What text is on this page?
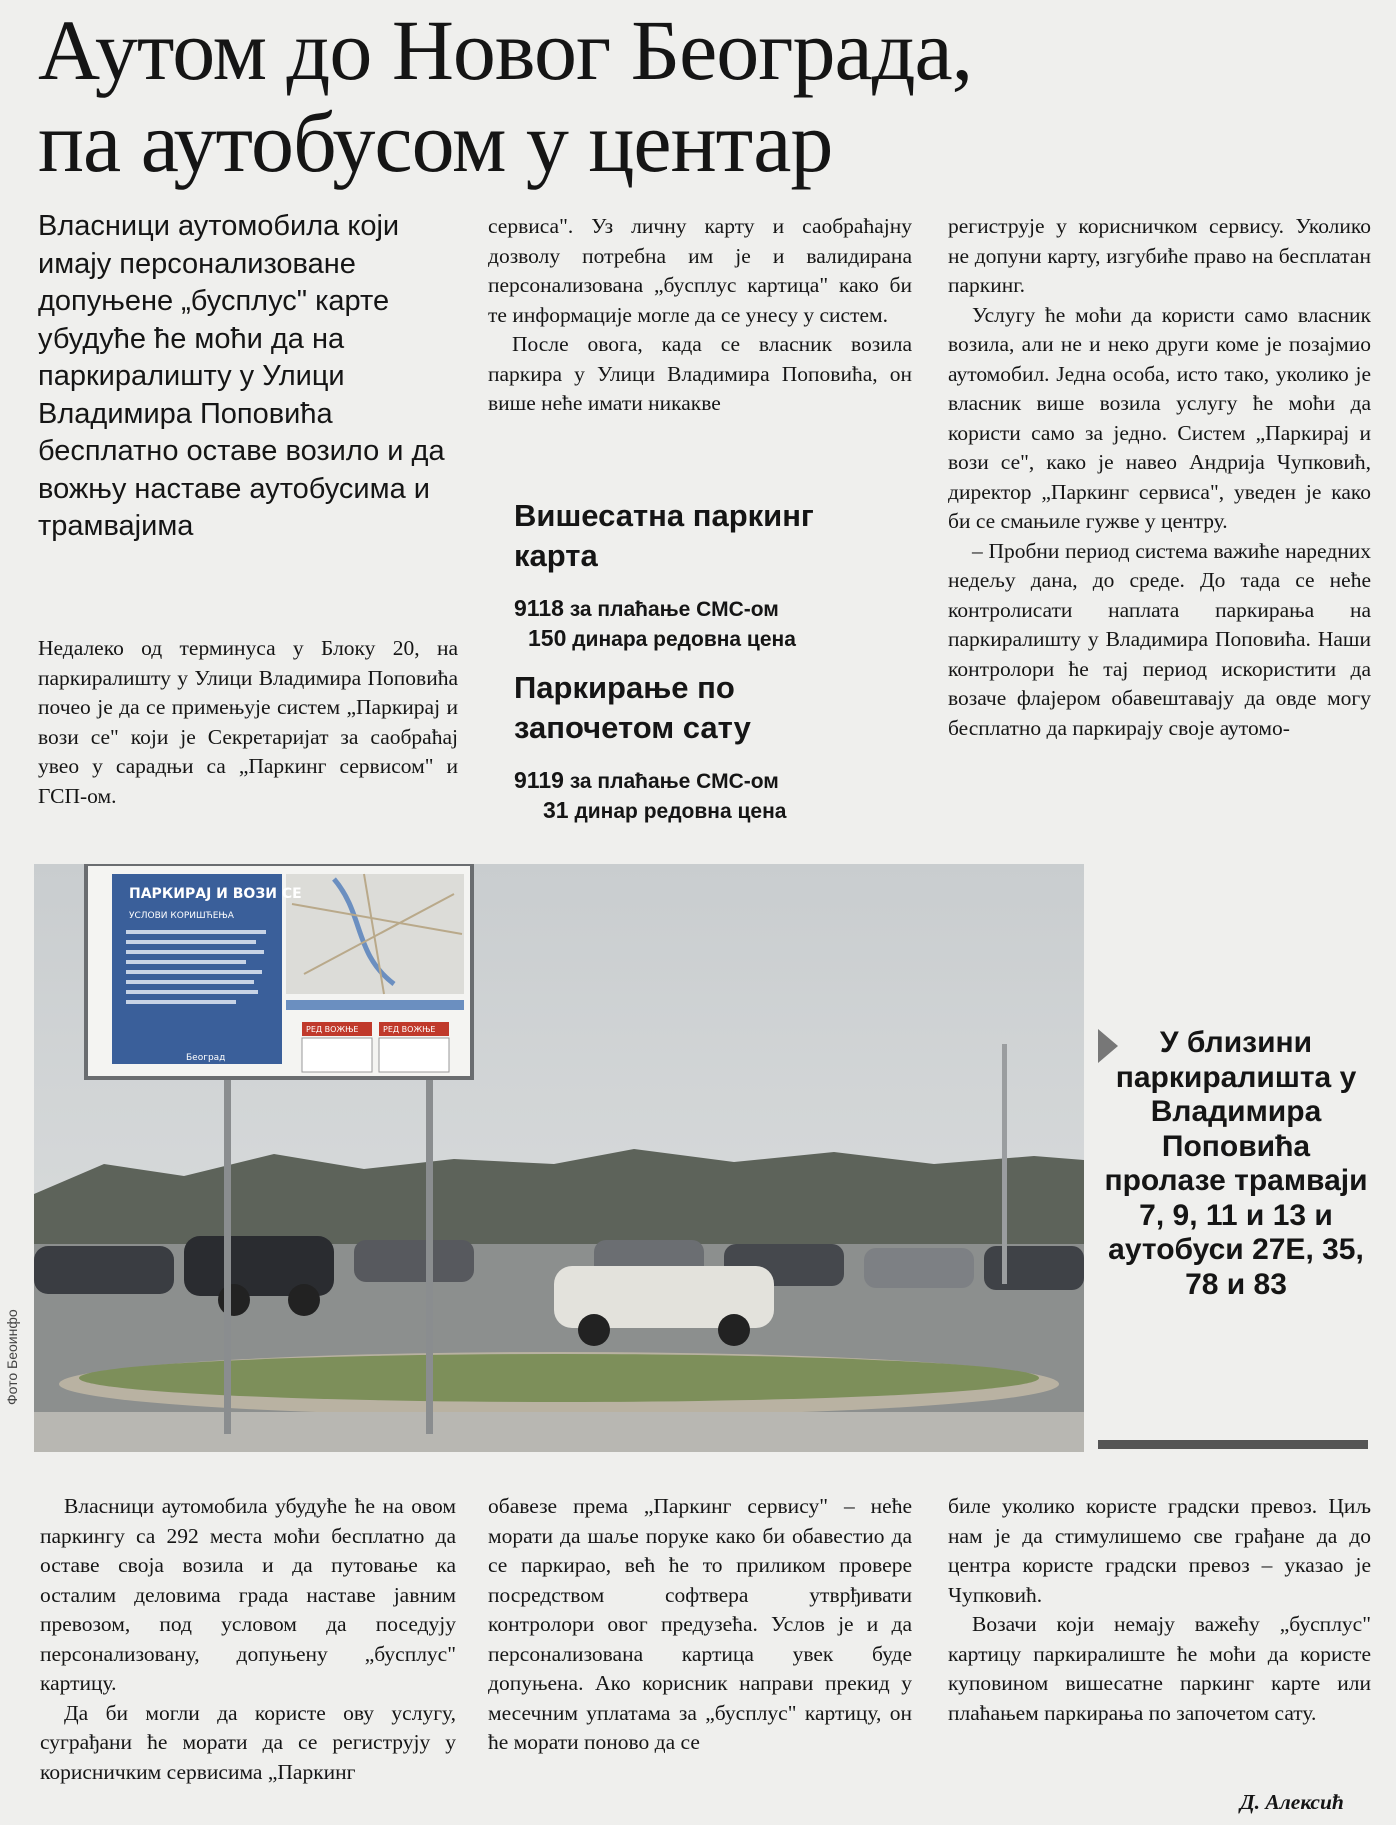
Аутом до Новог Београда,
па аутобусом у центар

Власници аутомобила који имају персонализоване допуњене „бусплус" карте убудуће ће моћи да на паркиралишту у Улици Владимира Поповића бесплатно оставе возило и да вожњу наставе аутобусима и трамвајима

Недалеко од терминуса у Блоку 20, на паркиралишту у Улици Владимира Поповића почео је да се примењује систем „Паркирај и вози се" који је Секретаријат за саобраћај увео у сарадњи са „Паркинг сервисом" и ГСП-ом.

сервиса". Уз личну карту и саобраћајну дозволу потребна им је и валидирана персонализована „бусплус картица" како би те информације могле да се унесу у систем.

После овога, када се власник возила паркира у Улици Владимира Поповића, он више неће имати никакве

Вишесатна паркинг карта

9118 за плаћање СМС-ом

150 динара редовна цена

Паркирање по започетом сату

9119 за плаћање СМС-ом

31 динар редовна цена

региструје у корисничком сервису. Уколико не допуни карту, изгубиће право на бесплатан паркинг.

Услугу ће моћи да користи само власник возила, али не и неко други коме је позајмио аутомобил. Једна особа, исто тако, уколико је власник више возила услугу ће моћи да користи само за једно. Систем „Паркирај и вози се", како је навео Андрија Чупковић, директор „Паркинг сервиса", уведен је како би се смањиле гужве у центру.

– Пробни период система важиће наредних недељу дана, до среде. До тада се неће контролисати наплата паркирања на паркиралишту у Владимира Поповића. Наши контролори ће тај период искористити да возаче флајером обавештавају да овде могу бесплатно да паркирају своје аутомо-

ПАРКИРАЈ И ВОЗИ СЕ
УСЛОВИ КОРИШЋЕЊА
РЕД ВОЖЊЕ	РЕД ВОЖЊЕ
Београд
Фото Беоинфо
У близини паркиралишта у Владимира Поповића пролазе трамваји 7, 9, 11 и 13 и аутобуси 27Е, 35, 78 и 83

Власници аутомобила убудуће ће на овом паркингу са 292 места моћи бесплатно да оставе своја возила и да путовање ка осталим деловима града наставе јавним превозом, под условом да поседују персонализовану, допуњену „бусплус" картицу.

Да би могли да користе ову услугу, суграђани ће морати да се региструју у корисничким сервисима „Паркинг

обавезе према „Паркинг сервису" – неће морати да шаље поруке како би обавестио да се паркирао, већ ће то приликом провере посредством софтвера утврђивати контролори овог предузећа. Услов је и да персонализована картица увек буде допуњена. Ако корисник направи прекид у месечним уплатама за „бусплус" картицу, он ће морати поново да се

биле уколико користе градски превоз. Циљ нам је да стимулишемо све грађане да до центра користе градски превоз – указао је Чупковић.

Возачи који немају важећу „бусплус" картицу паркиралиште ће моћи да користе куповином вишесатне паркинг карте или плаћањем паркирања по започетом сату.

Д. Алексић
